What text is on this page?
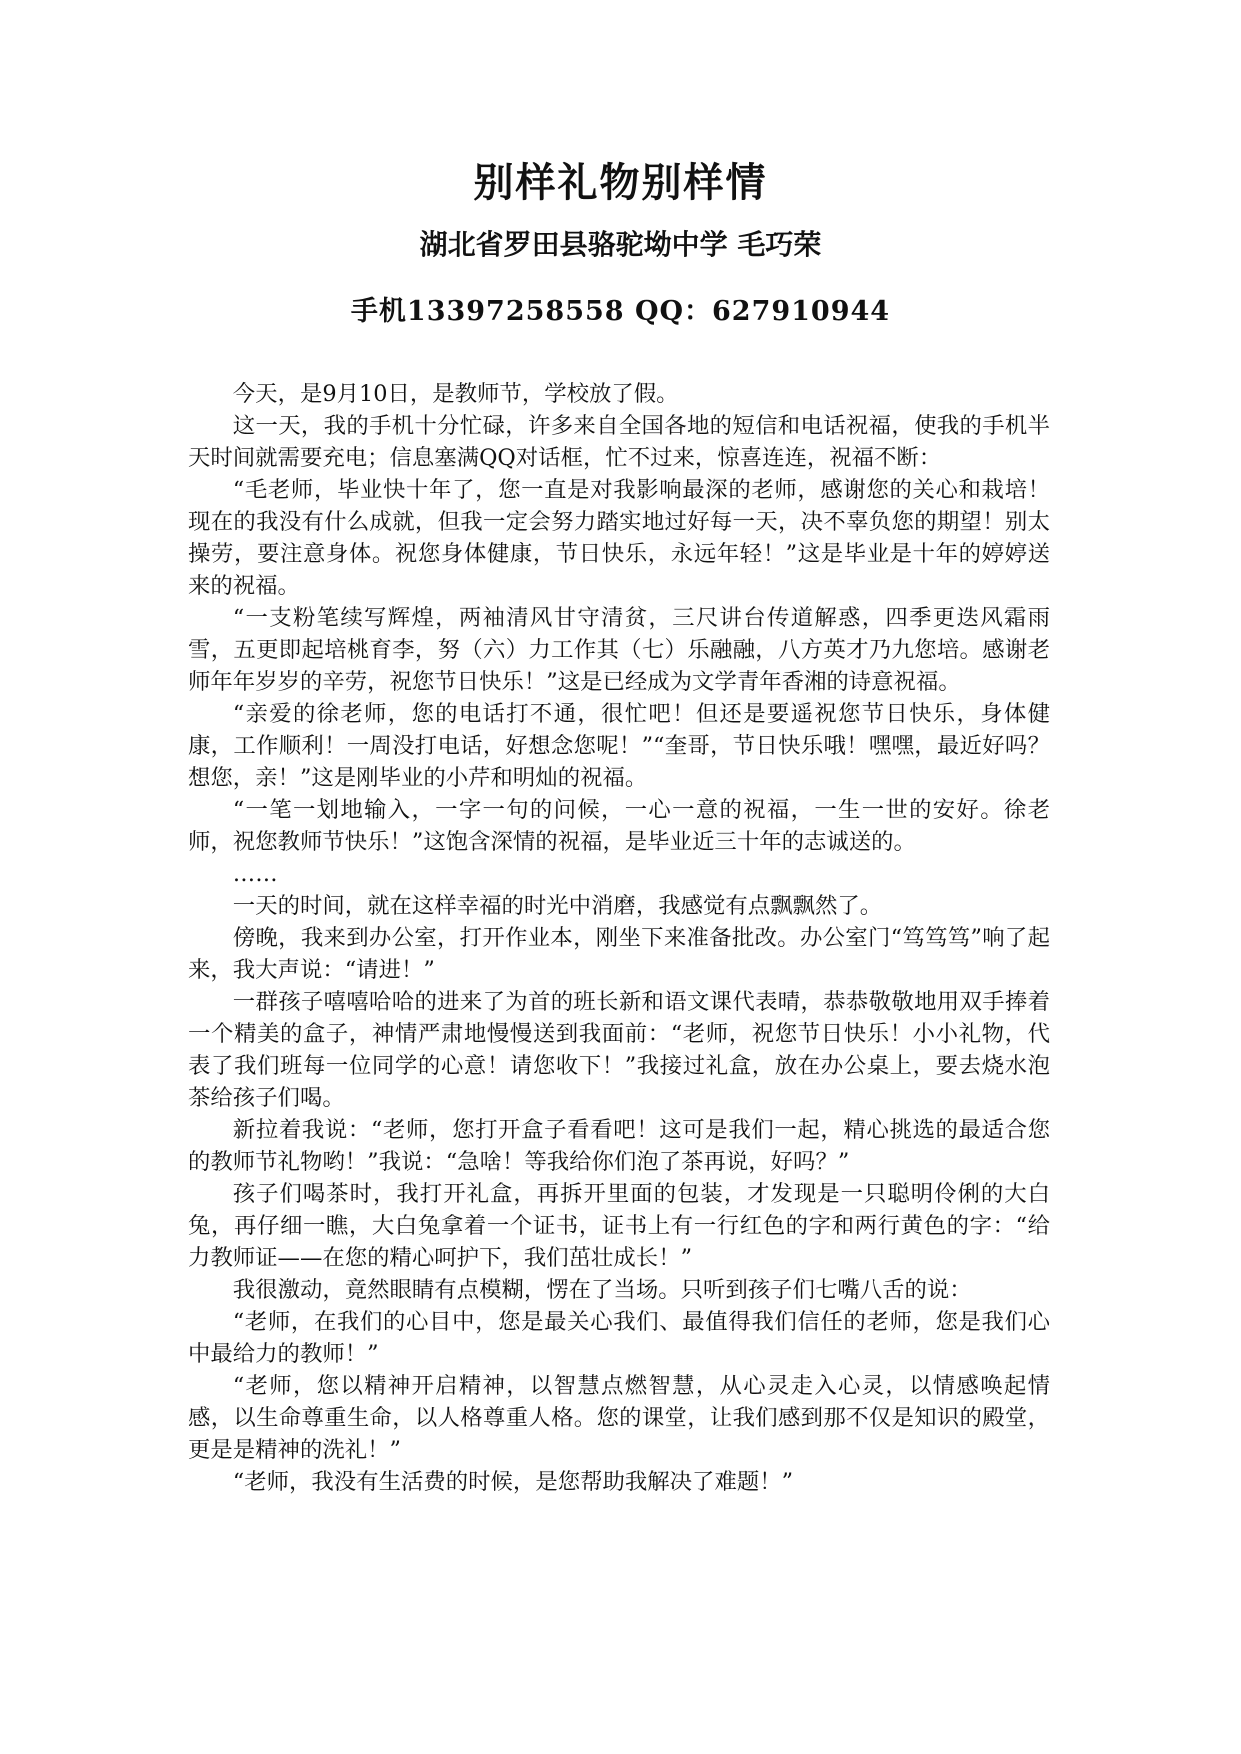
别样礼物别样情
湖北省罗田县骆驼坳中学 毛巧荣
手机13397258558 QQ：627910944

今天，是9月10日，是教师节，学校放了假。

这一天，我的手机十分忙碌，许多来自全国各地的短信和电话祝福，使我的手机半天时间就需要充电；信息塞满QQ对话框，忙不过来，惊喜连连，祝福不断：

“毛老师，毕业快十年了，您一直是对我影响最深的老师，感谢您的关心和栽培！现在的我没有什么成就，但我一定会努力踏实地过好每一天，决不辜负您的期望！别太操劳，要注意身体。祝您身体健康，节日快乐，永远年轻！”这是毕业是十年的婷婷送来的祝福。

“一支粉笔续写辉煌，两袖清风甘守清贫，三尺讲台传道解惑，四季更迭风霜雨雪，五更即起培桃育李，努（六）力工作其（七）乐融融，八方英才乃九您培。感谢老师年年岁岁的辛劳，祝您节日快乐！”这是已经成为文学青年香湘的诗意祝福。

“亲爱的徐老师，您的电话打不通，很忙吧！但还是要遥祝您节日快乐，身体健康，工作顺利！一周没打电话，好想念您呢！”“奎哥，节日快乐哦！嘿嘿，最近好吗？想您，亲！”这是刚毕业的小芹和明灿的祝福。

“一笔一划地输入，一字一句的问候，一心一意的祝福，一生一世的安好。徐老师，祝您教师节快乐！”这饱含深情的祝福，是毕业近三十年的志诚送的。

……

一天的时间，就在这样幸福的时光中消磨，我感觉有点飘飘然了。

傍晚，我来到办公室，打开作业本，刚坐下来准备批改。办公室门“笃笃笃”响了起来，我大声说：“请进！”

一群孩子嘻嘻哈哈的进来了为首的班长新和语文课代表晴，恭恭敬敬地用双手捧着一个精美的盒子，神情严肃地慢慢送到我面前：“老师，祝您节日快乐！小小礼物，代表了我们班每一位同学的心意！请您收下！”我接过礼盒，放在办公桌上，要去烧水泡茶给孩子们喝。

新拉着我说：“老师，您打开盒子看看吧！这可是我们一起，精心挑选的最适合您的教师节礼物哟！”我说：“急啥！等我给你们泡了茶再说，好吗？”

孩子们喝茶时，我打开礼盒，再拆开里面的包装，才发现是一只聪明伶俐的大白兔，再仔细一瞧，大白兔拿着一个证书，证书上有一行红色的字和两行黄色的字：“给力教师证——在您的精心呵护下，我们茁壮成长！”

我很激动，竟然眼睛有点模糊，愣在了当场。只听到孩子们七嘴八舌的说：

“老师，在我们的心目中，您是最关心我们、最值得我们信任的老师，您是我们心中最给力的教师！”

“老师，您以精神开启精神，以智慧点燃智慧，从心灵走入心灵，以情感唤起情感，以生命尊重生命，以人格尊重人格。您的课堂，让我们感到那不仅是知识的殿堂，更是是精神的洗礼！”

“老师，我没有生活费的时候，是您帮助我解决了难题！”
